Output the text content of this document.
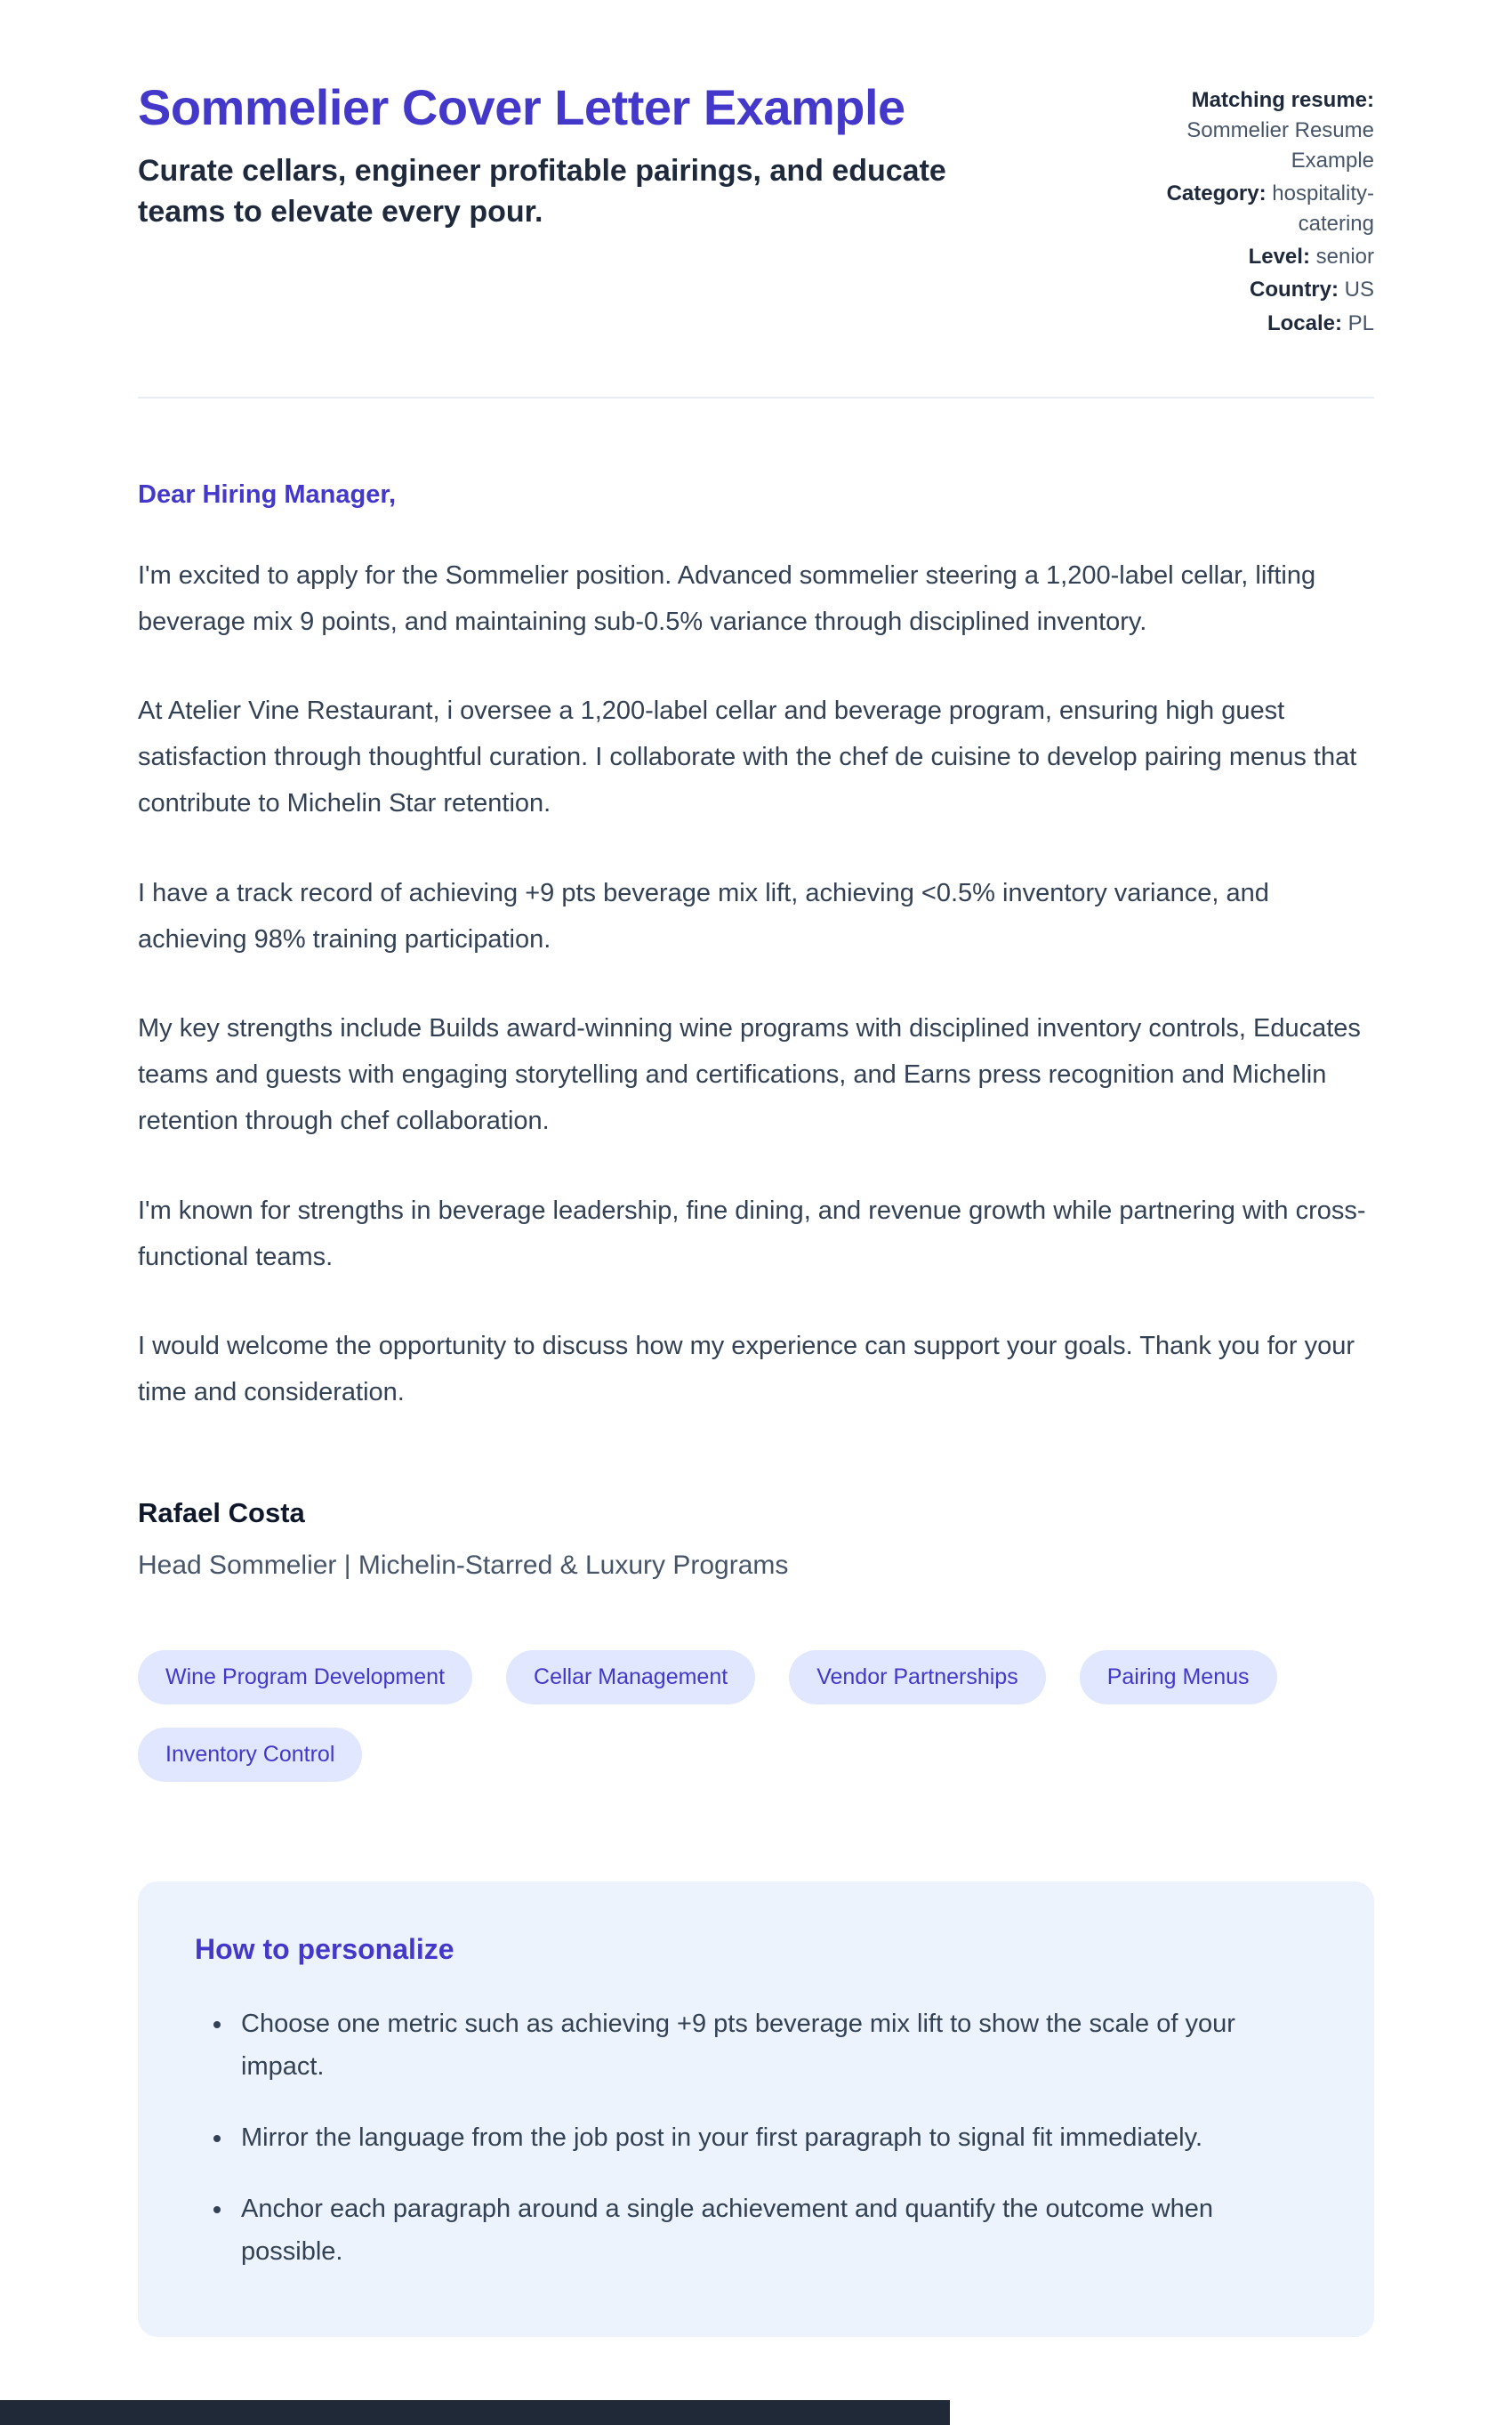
Sommelier Cover Letter Example
Curate cellars, engineer profitable pairings, and educate teams to elevate every pour.
Matching resume: Sommelier Resume Example
Category: hospitality-catering
Level: senior
Country: US
Locale: PL

Dear Hiring Manager,

I'm excited to apply for the Sommelier position. Advanced sommelier steering a 1,200-label cellar, lifting beverage mix 9 points, and maintaining sub-0.5% variance through disciplined inventory.

At Atelier Vine Restaurant, i oversee a 1,200-label cellar and beverage program, ensuring high guest satisfaction through thoughtful curation. I collaborate with the chef de cuisine to develop pairing menus that contribute to Michelin Star retention.

I have a track record of achieving +9 pts beverage mix lift, achieving <0.5% inventory variance, and achieving 98% training participation.

My key strengths include Builds award-winning wine programs with disciplined inventory controls, Educates teams and guests with engaging storytelling and certifications, and Earns press recognition and Michelin retention through chef collaboration.

I'm known for strengths in beverage leadership, fine dining, and revenue growth while partnering with cross-functional teams.

I would welcome the opportunity to discuss how my experience can support your goals. Thank you for your time and consideration.

Rafael Costa

Head Sommelier | Michelin-Starred & Luxury Programs

Wine Program Development	Cellar Management	Vendor Partnerships	Pairing Menus
Inventory Control
How to personalize
• Choose one metric such as achieving +9 pts beverage mix lift to show the scale of your impact.
• Mirror the language from the job post in your first paragraph to signal fit immediately.
• Anchor each paragraph around a single achievement and quantify the outcome when possible.
